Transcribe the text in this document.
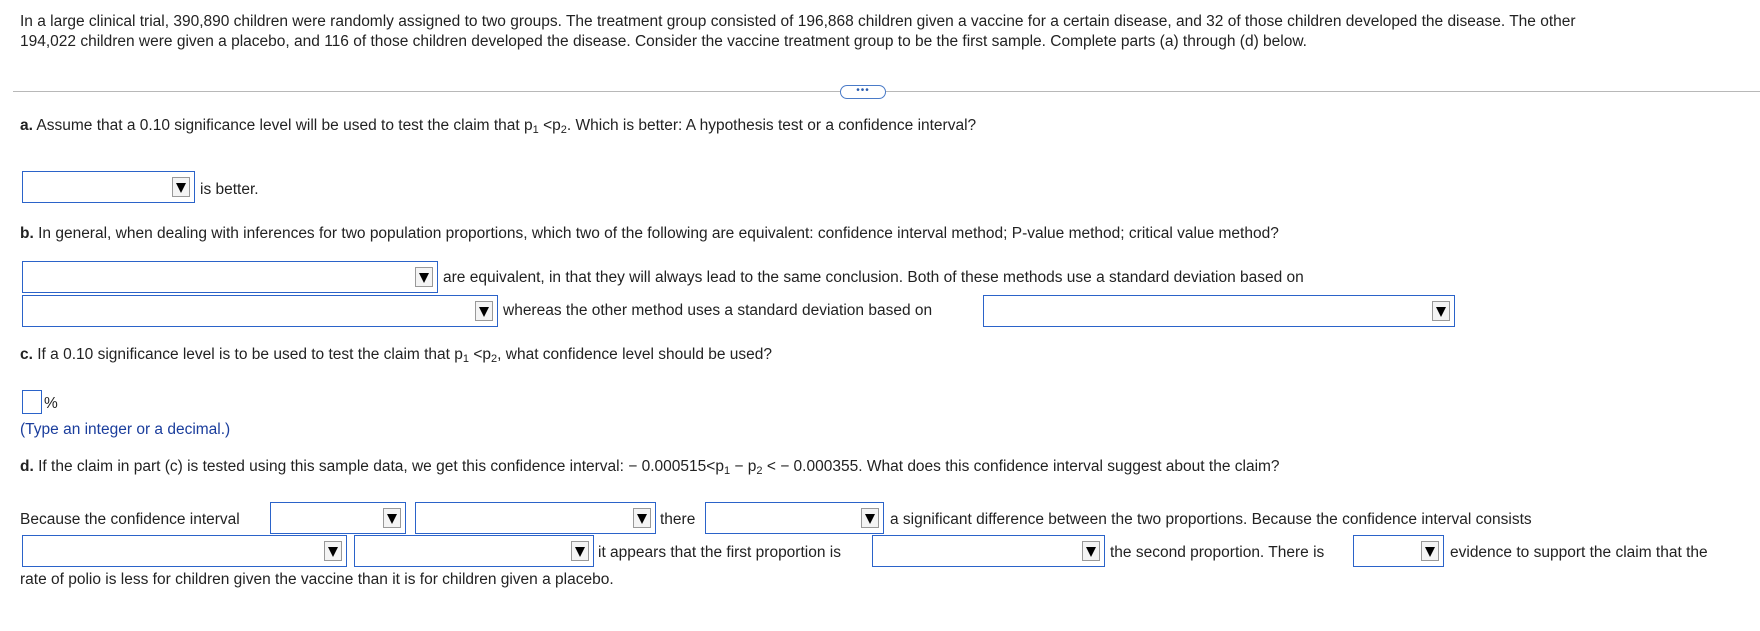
In a large clinical trial, 390,890 children were randomly assigned to two groups. The treatment group consisted of 196,868 children given a vaccine for a certain disease, and 32 of those children developed the disease. The other
194,022 children were given a placebo, and 116 of those children developed the disease. Consider the vaccine treatment group to be the first sample. Complete parts (a) through (d) below.
•••
a. Assume that a 0.10 significance level will be used to test the claim that $p_1 <p_2$. Which is better: A hypothesis test or a confidence interval?
is better.
b. In general, when dealing with inferences for two population proportions, which two of the following are equivalent: confidence interval method; P-value method; critical value method?
are equivalent, in that they will always lead to the same conclusion. Both of these methods use a standard deviation based on
whereas the other method uses a standard deviation based on
c. If a 0.10 significance level is to be used to test the claim that $p_1 <p_2$, what confidence level should be used?
%
(Type an integer or a decimal.)
d. If the claim in part (c) is tested using this sample data, we get this confidence interval: − $0.000515<p_1 - p_2$ < − 0.000355. What does this confidence interval suggest about the claim?
Because the confidence interval	there	a significant difference between the two proportions. Because the confidence interval consists
it appears that the first proportion is	the second proportion. There is	evidence to support the claim that the
rate of polio is less for children given the vaccine than it is for children given a placebo.
